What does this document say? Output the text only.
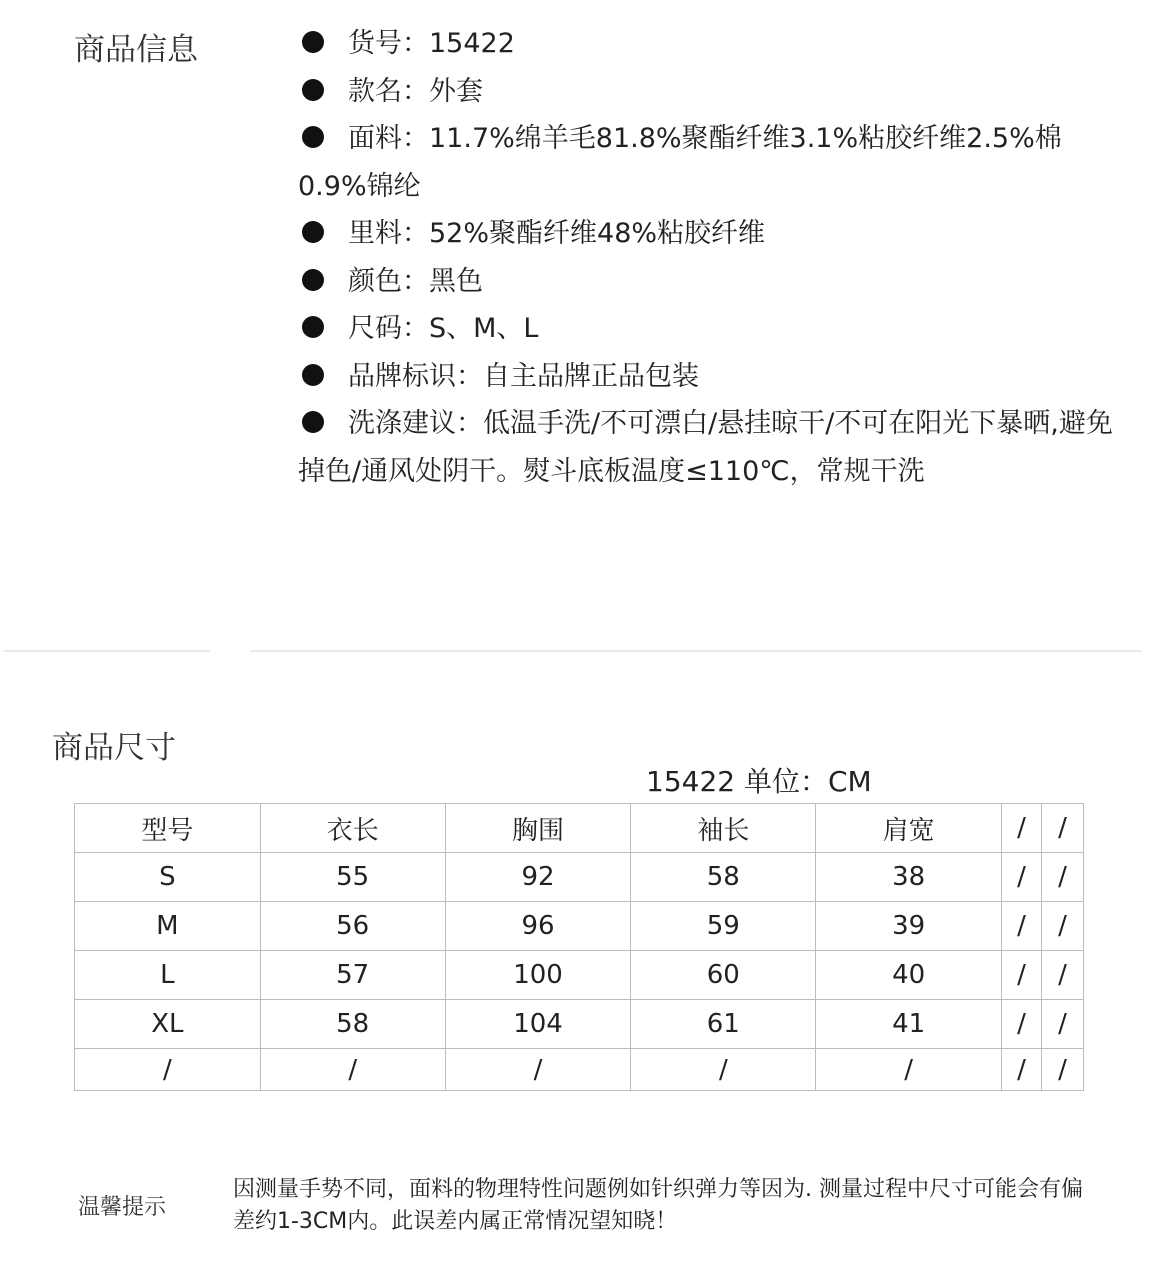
商品信息	货号：15422
款名：外套
面料：11.7%绵羊毛81.8%聚酯纤维3.1%粘胶纤维2.5%棉0.9%锦纶
里料：52%聚酯纤维48%粘胶纤维
颜色：黑色
尺码：S、M、L
品牌标识：自主品牌正品包装
洗涤建议：低温手洗/不可漂白/悬挂晾干/不可在阳光下暴晒,避免掉色/通风处阴干。熨斗底板温度≤110℃，常规干洗
商品尺寸
15422 单位：CM
型号	衣长	胸围	袖长	肩宽	/	/
S	55	92	58	38	/	/
M	56	96	59	39	/	/
L	57	100	60	40	/	/
XL	58	104	61	41	/	/
/	/	/	/	/	/	/
温馨提示
因测量手势不同，面料的物理特性问题例如针织弹力等因为. 测量过程中尺寸可能会有偏差约1-3CM内。此误差内属正常情况望知晓！
